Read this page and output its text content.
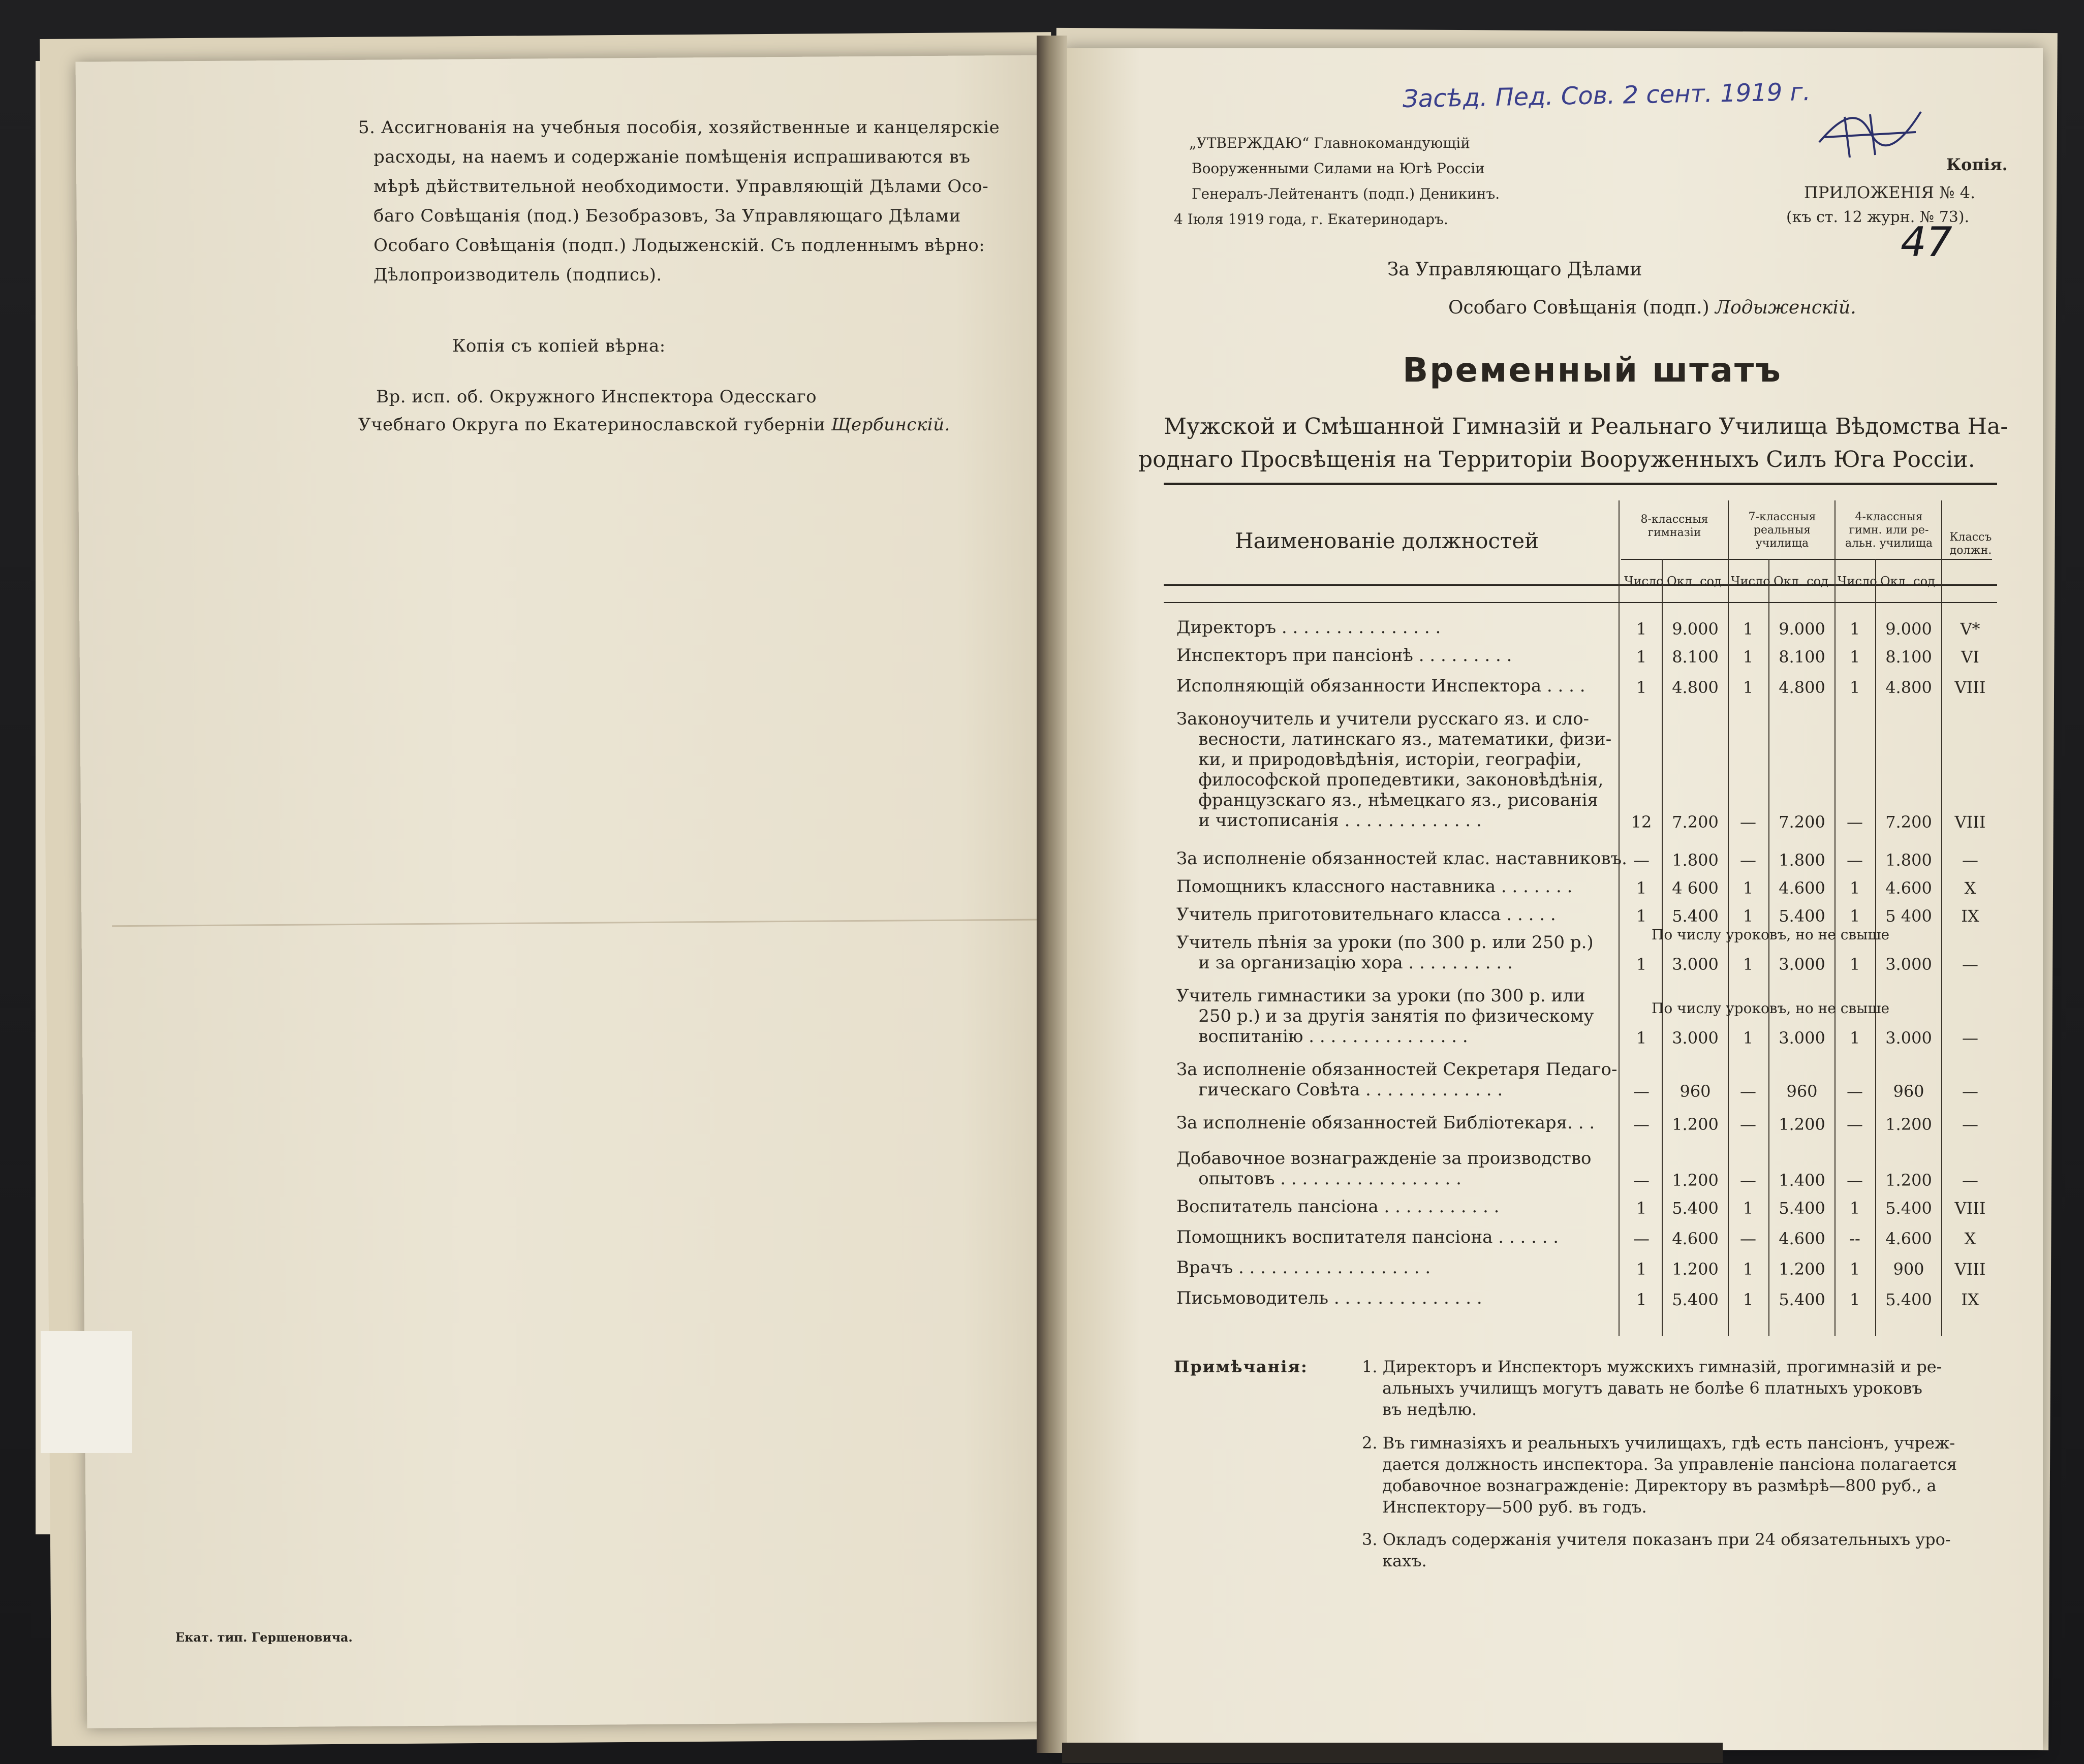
5. Ассигнованія на учебныя пособія, хозяйственные и канцелярскіе
расходы, на наемъ и содержаніе помѣщенія испрашиваются въ
мѣрѣ дѣйствительной необходимости. Управляющій Дѣлами Осо-
баго Совѣщанія (под.) Безобразовъ, За Управляющаго Дѣлами
Особаго Совѣщанія (подп.) Лодыженскій. Съ подленнымъ вѣрно:
Дѣлопроизводитель (подпись).
Копія съ копіей вѣрна:
Вр. исп. об. Окружного Инспектора Одесскаго
Учебнаго Округа по Екатеринославской губерніи Щербинскій.
Екат. тип. Гершеновича.
Засѣд. Пед. Сов. 2 сент. 1919 г.
47
„УТВЕРЖДАЮ“ Главнокомандующій
Вооруженными Силами на Югѣ Россіи
Генералъ-Лейтенантъ (подп.) Деникинъ.
4 Іюля 1919 года, г. Екатеринодаръ.
Копія.
ПРИЛОЖЕНІЯ № 4.
(къ ст. 12 журн. № 73).
За Управляющаго Дѣлами
Особаго Совѣщанія (подп.) Лодыженскій.
Временный штатъ
Мужской и Смѣшанной Гимназій и Реальнаго Училища Вѣдомства На-
роднаго Просвѣщенія на Территоріи Вооруженныхъ Силъ Юга Россіи.
Наименованіе должностей
8-классныя гимназіи
7-классныя реальныя училища
4-классныя гимн. или ре- альн. училища	Классъ должн.
Число Окл. сод. Число Окл. сод. Число Окл. сод.
Директоръ . . . . . . . . . . . . . . .	1	9.000	1	9.000	1	9.000	V*
Инспекторъ при пансіонѣ . . . . . . . . .	1	8.100	1	8.100	1	8.100	VI
Исполняющій обязанности Инспектора . . . .	1	4.800	1	4.800	1	4.800	VIII
Законоучитель и учители русскаго яз. и сло-
весности, латинскаго яз., математики, физи-
ки, и природовѣдѣнія, исторіи, географіи,
философской пропедевтики, законовѣдѣнія,
французскаго яз., нѣмецкаго яз., рисованія
и чистописанія . . . . . . . . . . . . .	12	7.200	—	7.200	—	7.200	VIII
За исполненіе обязанностей клас. наставниковъ. —	1.800	—	1.800	—	1.800	—
Помощникъ классного наставника . . . . . . .	1	4 600	1	4.600	1	4.600	X
Учитель приготовительнаго класса . . . . .	1	5.400	1	5.400	1	5 400	IX
Учитель пѣнія за уроки (по 300 р. или 250 р.)
и за организацію хора . . . . . . . . . .
По числу уроковъ, но не свыше
1	3.000	1	3.000	1	3.000	—
Учитель гимнастики за уроки (по 300 р. или
250 р.) и за другія занятія по физическому
воспитанію . . . . . . . . . . . . . . .
По числу уроковъ, но не свыше
1	3.000	1	3.000	1	3.000	—
За исполненіе обязанностей Секретаря Педаго-
гическаго Совѣта . . . . . . . . . . . . .	—	960	—	960	—	960	—
За исполненіе обязанностей Библіотекаря. . .	—	1.200	—	1.200	—	1.200	—
Добавочное вознагражденіе за производство
опытовъ . . . . . . . . . . . . . . . . .	—	1.200	—	1.400	—	1.200	—
Воспитатель пансіона . . . . . . . . . . .	1	5.400	1	5.400	1	5.400	VIII
Помощникъ воспитателя пансіона . . . . . .	—	4.600	—	4.600	--	4.600	X
Врачъ . . . . . . . . . . . . . . . . . .	1	1.200	1	1.200	1	900	VIII
Письмоводитель . . . . . . . . . . . . . .	1	5.400	1	5.400	1	5.400	IX
Примѣчанія:	1. Директоръ и Инспекторъ мужскихъ гимназій, прогимназій и ре-
альныхъ училищъ могутъ давать не болѣе 6 платныхъ уроковъ
въ недѣлю.
2. Въ гимназіяхъ и реальныхъ училищахъ, гдѣ есть пансіонъ, учреж-
дается должность инспектора. За управленіе пансіона полагается
добавочное вознагражденіе: Директору въ размѣрѣ—800 руб., а
Инспектору—500 руб. въ годъ.
3. Окладъ содержанія учителя показанъ при 24 обязательныхъ уро-
кахъ.
